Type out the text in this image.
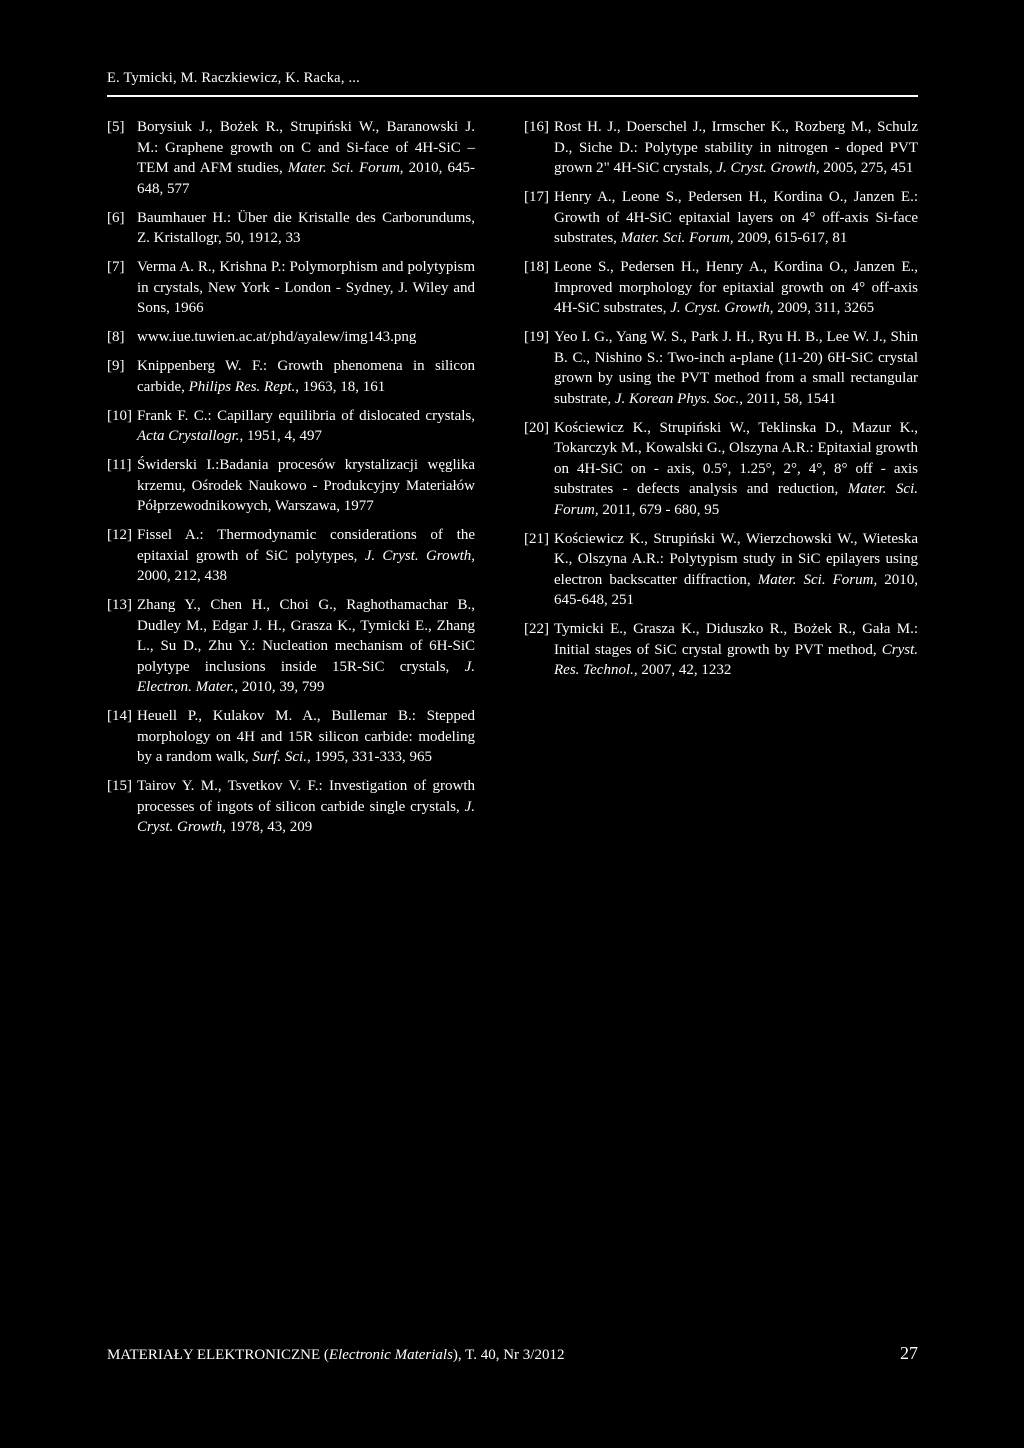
E. Tymicki, M. Raczkiewicz, K. Racka, ...
[5] Borysiuk J., Bożek R., Strupiński W., Baranowski J. M.: Graphene growth on C and Si-face of 4H-SiC – TEM and AFM studies, Mater. Sci. Forum, 2010, 645-648, 577
[6] Baumhauer H.: Über die Kristalle des Carborundums, Z. Kristallogr, 50, 1912, 33
[7] Verma A. R., Krishna P.: Polymorphism and polytypism in crystals, New York - London - Sydney, J. Wiley and Sons, 1966
[8] www.iue.tuwien.ac.at/phd/ayalew/img143.png
[9] Knippenberg W. F.: Growth phenomena in silicon carbide, Philips Res. Rept., 1963, 18, 161
[10] Frank F. C.: Capillary equilibria of dislocated crystals, Acta Crystallogr., 1951, 4, 497
[11] Świderski I.:Badania procesów krystalizacji węglika krzemu, Ośrodek Naukowo - Produkcyjny Materiałów Półprzewodnikowych, Warszawa, 1977
[12] Fissel A.: Thermodynamic considerations of the epitaxial growth of SiC polytypes, J. Cryst. Growth, 2000, 212, 438
[13] Zhang Y., Chen H., Choi G., Raghothamachar B., Dudley M., Edgar J. H., Grasza K., Tymicki E., Zhang L., Su D., Zhu Y.: Nucleation mechanism of 6H-SiC polytype inclusions inside 15R-SiC crystals, J. Electron. Mater., 2010, 39, 799
[14] Heuell P., Kulakov M. A., Bullemar B.: Stepped morphology on 4H and 15R silicon carbide: modeling by a random walk, Surf. Sci., 1995, 331-333, 965
[15] Tairov Y. M., Tsvetkov V. F.: Investigation of growth processes of ingots of silicon carbide single crystals, J. Cryst. Growth, 1978, 43, 209
[16] Rost H. J., Doerschel J., Irmscher K., Rozberg M., Schulz D., Siche D.: Polytype stability in nitrogen - doped PVT grown 2" 4H-SiC crystals, J. Cryst. Growth, 2005, 275, 451
[17] Henry A., Leone S., Pedersen H., Kordina O., Janzen E.: Growth of 4H-SiC epitaxial layers on 4° off-axis Si-face substrates, Mater. Sci. Forum, 2009, 615-617, 81
[18] Leone S., Pedersen H., Henry A., Kordina O., Janzen E., Improved morphology for epitaxial growth on 4° off-axis 4H-SiC substrates, J. Cryst. Growth, 2009, 311, 3265
[19] Yeo I. G., Yang W. S., Park J. H., Ryu H. B., Lee W. J., Shin B. C., Nishino S.: Two-inch a-plane (11-20) 6H-SiC crystal grown by using the PVT method from a small rectangular substrate, J. Korean Phys. Soc., 2011, 58, 1541
[20] Kościewicz K., Strupiński W., Teklinska D., Mazur K., Tokarczyk M., Kowalski G., Olszyna A.R.: Epitaxial growth on 4H-SiC on - axis, 0.5°, 1.25°, 2°, 4°, 8° off - axis substrates - defects analysis and reduction, Mater. Sci. Forum, 2011, 679 - 680, 95
[21] Kościewicz K., Strupiński W., Wierzchowski W., Wieteska K., Olszyna A.R.: Polytypism study in SiC epilayers using electron backscatter diffraction, Mater. Sci. Forum, 2010, 645-648, 251
[22] Tymicki E., Grasza K., Diduszko R., Bożek R., Gała M.: Initial stages of SiC crystal growth by PVT method, Cryst. Res. Technol., 2007, 42, 1232
MATERIAŁY ELEKTRONICZNE (Electronic Materials), T. 40, Nr 3/2012	27
